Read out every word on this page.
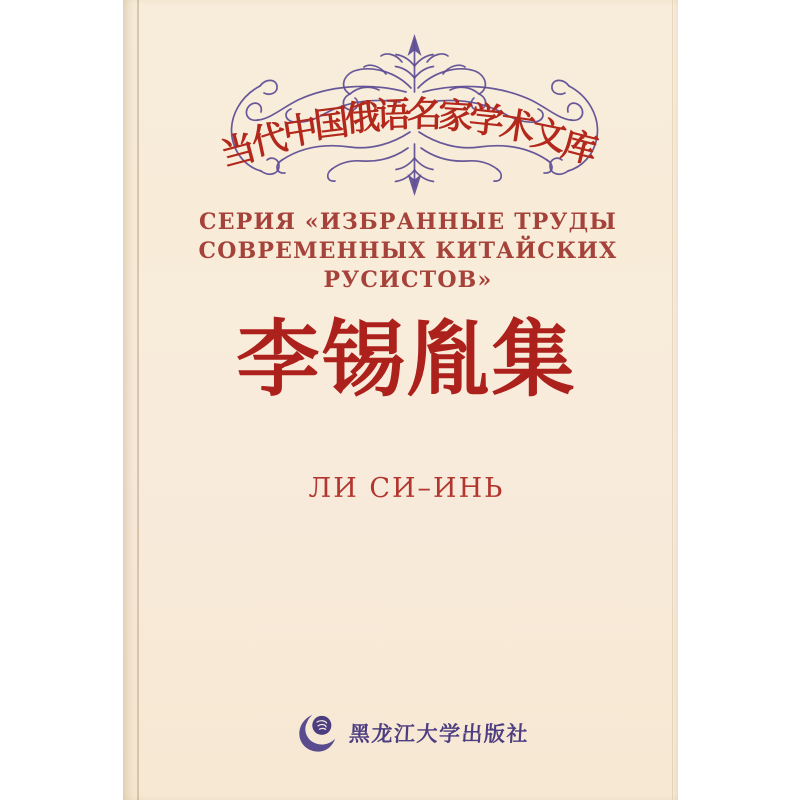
当
代
中
国
俄
语
名
家
学
术
文
库
СЕРИЯ «ИЗБРАННЫЕ ТРУДЫ
СОВРЕМЕННЫХ КИТАЙСКИХ РУСИСТОВ»
李锡胤集
ЛИ СИ–ИНЬ
黑龙江大学出版社
